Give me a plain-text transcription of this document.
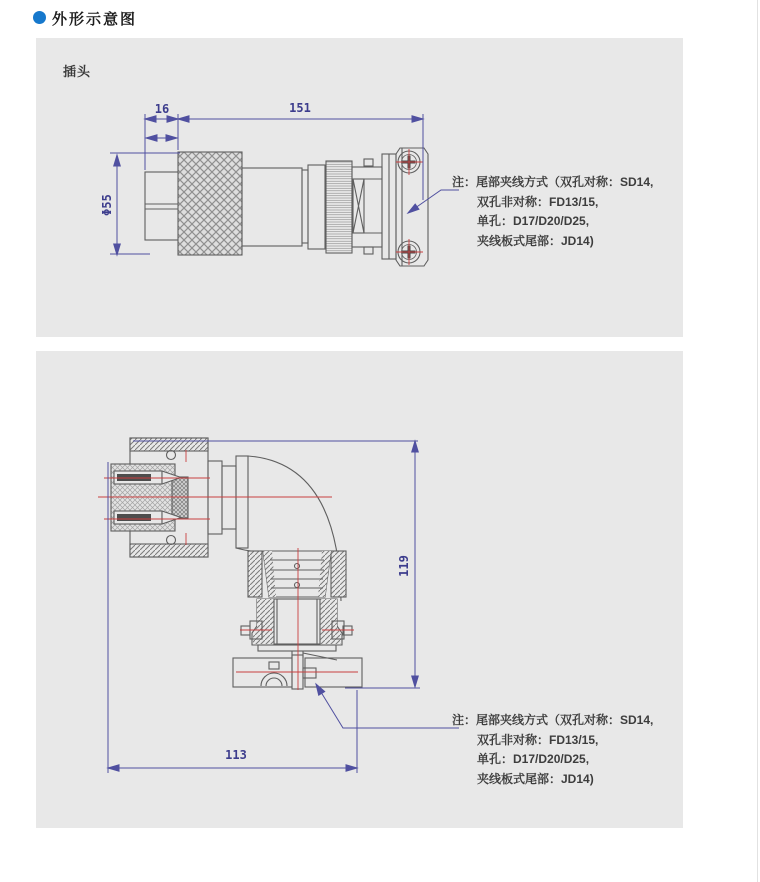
外形示意图
插头
16	151
Φ55
注：尾部夹线方式（双孔对称：SD14,
双孔非对称：FD13/15,
单孔：D17/D20/D25,
夹线板式尾部：JD14)
119
113
注：尾部夹线方式（双孔对称：SD14,
双孔非对称：FD13/15,
单孔：D17/D20/D25,
夹线板式尾部：JD14)
